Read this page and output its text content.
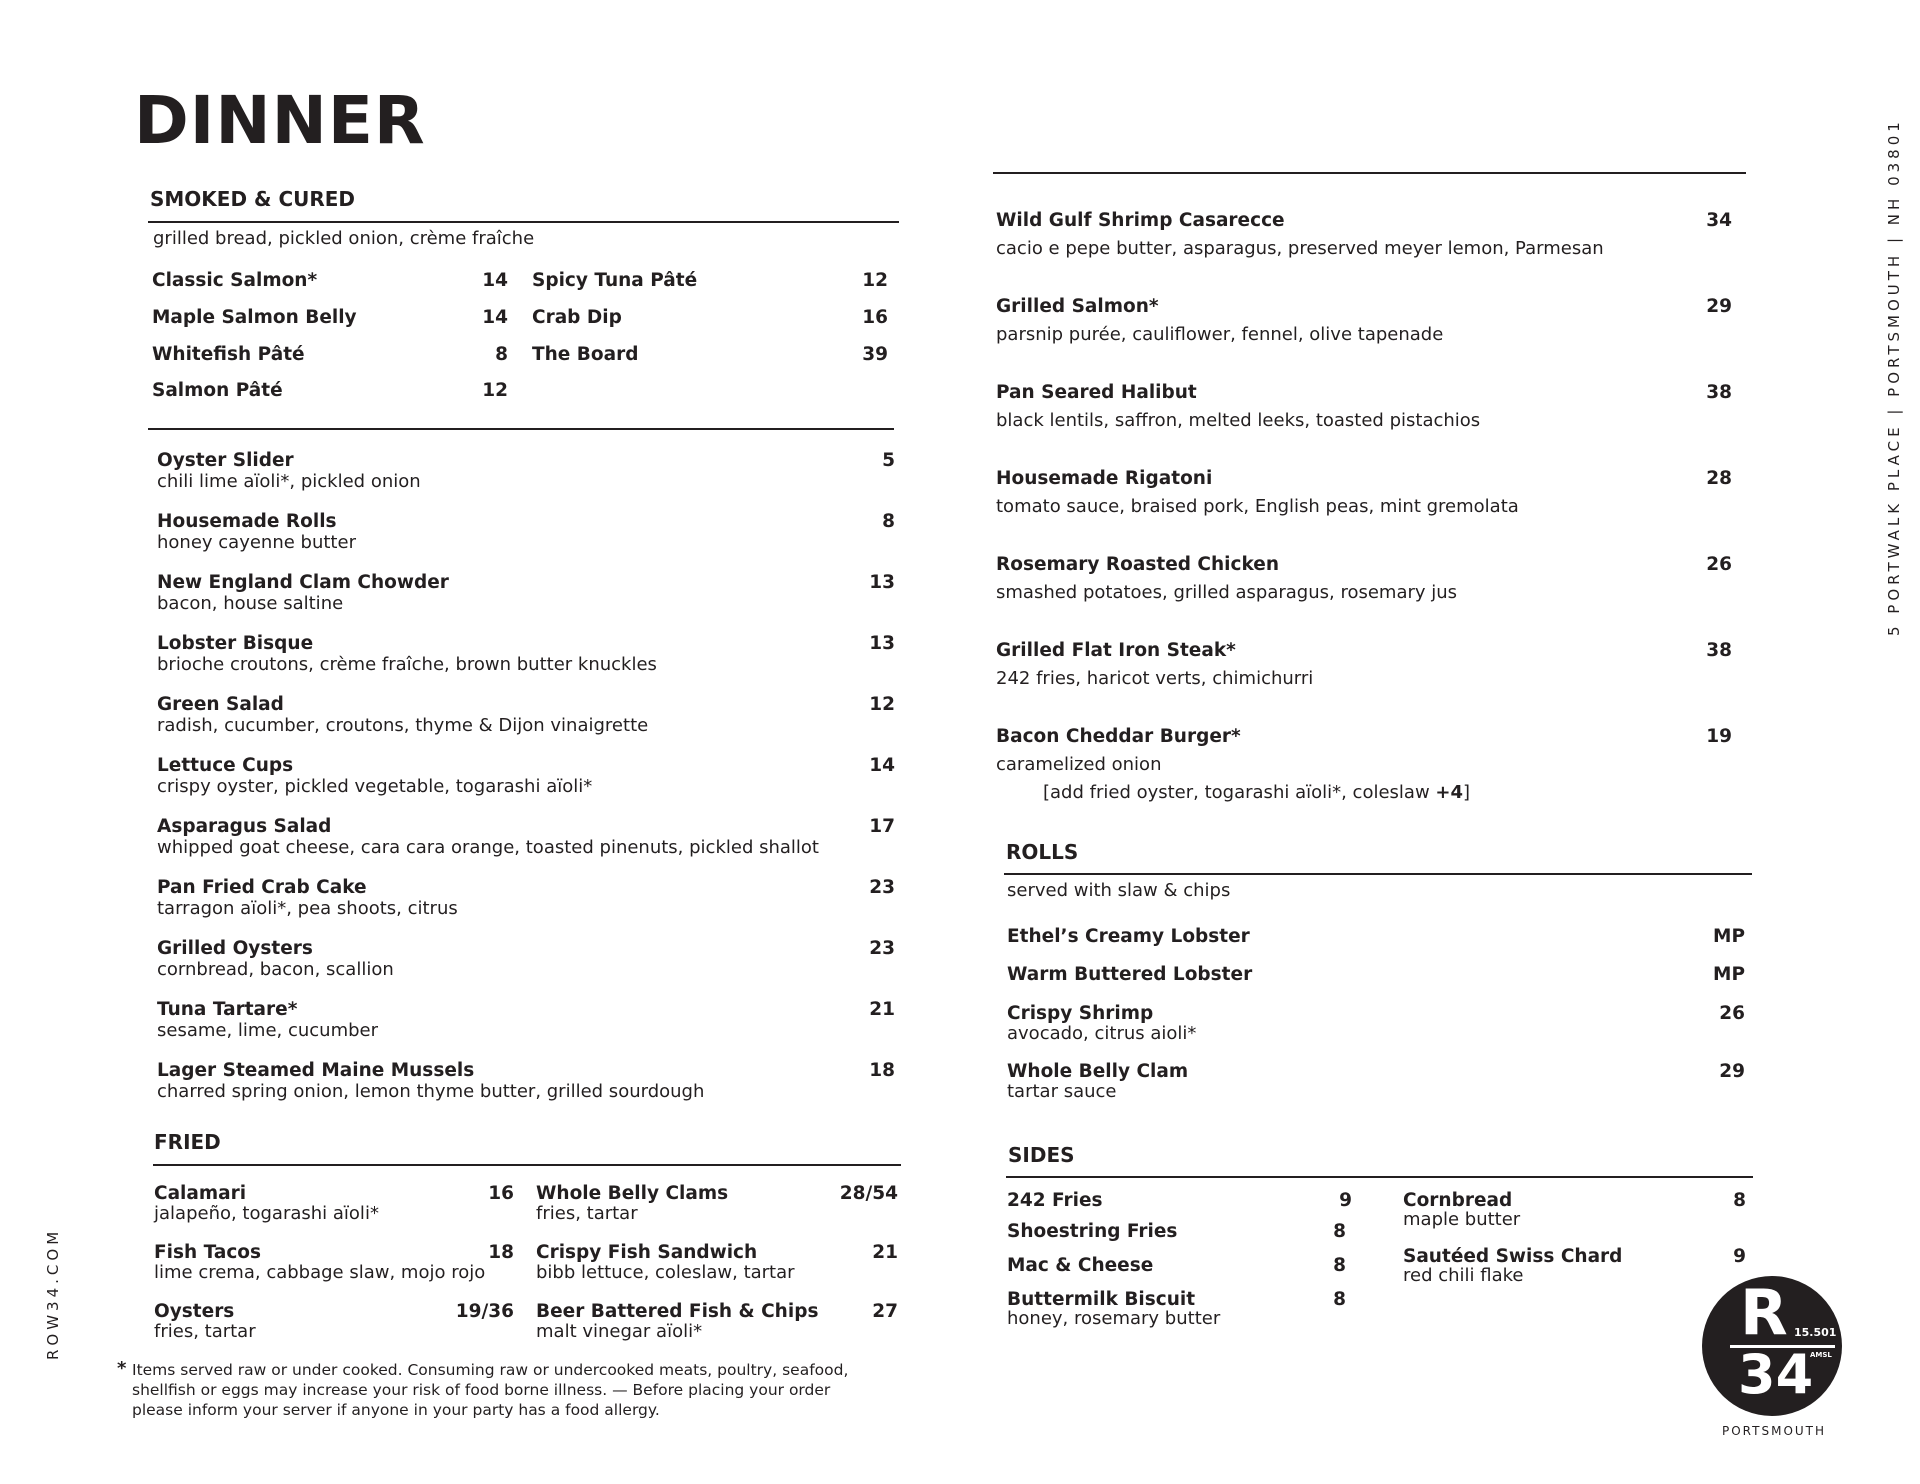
DINNER
SMOKED & CURED
grilled bread, pickled onion, crème fraîche
Classic Salmon*	14
Maple Salmon Belly	14
Whitefish Pâté	8
Salmon Pâté	12
Spicy Tuna Pâté	12
Crab Dip	16
The Board	39
Oyster Slider
chili lime aïoli*, pickled onion
5
Housemade Rolls
honey cayenne butter
8
New England Clam Chowder
bacon, house saltine
13
Lobster Bisque
brioche croutons, crème fraîche, brown butter knuckles
13
Green Salad
radish, cucumber, croutons, thyme & Dijon vinaigrette
12
Lettuce Cups
crispy oyster, pickled vegetable, togarashi aïoli*
14
Asparagus Salad
whipped goat cheese, cara cara orange, toasted pinenuts, pickled shallot
17
Pan Fried Crab Cake
tarragon aïoli*, pea shoots, citrus
23
Grilled Oysters
cornbread, bacon, scallion
23
Tuna Tartare*
sesame, lime, cucumber
21
Lager Steamed Maine Mussels
charred spring onion, lemon thyme butter, grilled sourdough
18
FRIED
Calamari
jalapeño, togarashi aïoli*
16
Fish Tacos
lime crema, cabbage slaw, mojo rojo
18
Oysters
fries, tartar
19/36
Whole Belly Clams
fries, tartar
28/54
Crispy Fish Sandwich
bibb lettuce, coleslaw, tartar
21
Beer Battered Fish & Chips
malt vinegar aïoli*
27
* Items served raw or under cooked. Consuming raw or undercooked meats, poultry, seafood,
shellfish or eggs may increase your risk of food borne illness. — Before placing your order
please inform your server if anyone in your party has a food allergy.
ROW34.COM
Wild Gulf Shrimp Casarecce
cacio e pepe butter, asparagus, preserved meyer lemon, Parmesan
34
Grilled Salmon*
parsnip purée, cauliflower, fennel, olive tapenade
29
Pan Seared Halibut
black lentils, saffron, melted leeks, toasted pistachios
38
Housemade Rigatoni
tomato sauce, braised pork, English peas, mint gremolata
28
Rosemary Roasted Chicken
smashed potatoes, grilled asparagus, rosemary jus
26
Grilled Flat Iron Steak*
242 fries, haricot verts, chimichurri
38
Bacon Cheddar Burger*
caramelized onion
19
[add fried oyster, togarashi aïoli*, coleslaw +4]
ROLLS
served with slaw & chips
Ethel’s Creamy Lobster	MP
Warm Buttered Lobster	MP
Crispy Shrimp
avocado, citrus aioli*
26
Whole Belly Clam
tartar sauce
29
SIDES
242 Fries	9
Shoestring Fries	8
Mac & Cheese	8
Buttermilk Biscuit
honey, rosemary butter
8
Cornbread
maple butter
8
Sautéed Swiss Chard
red chili flake
9
5 PORTWALK PLACE | PORTSMOUTH | NH 03801
R 15.501
AMSL
34
PORTSMOUTH
